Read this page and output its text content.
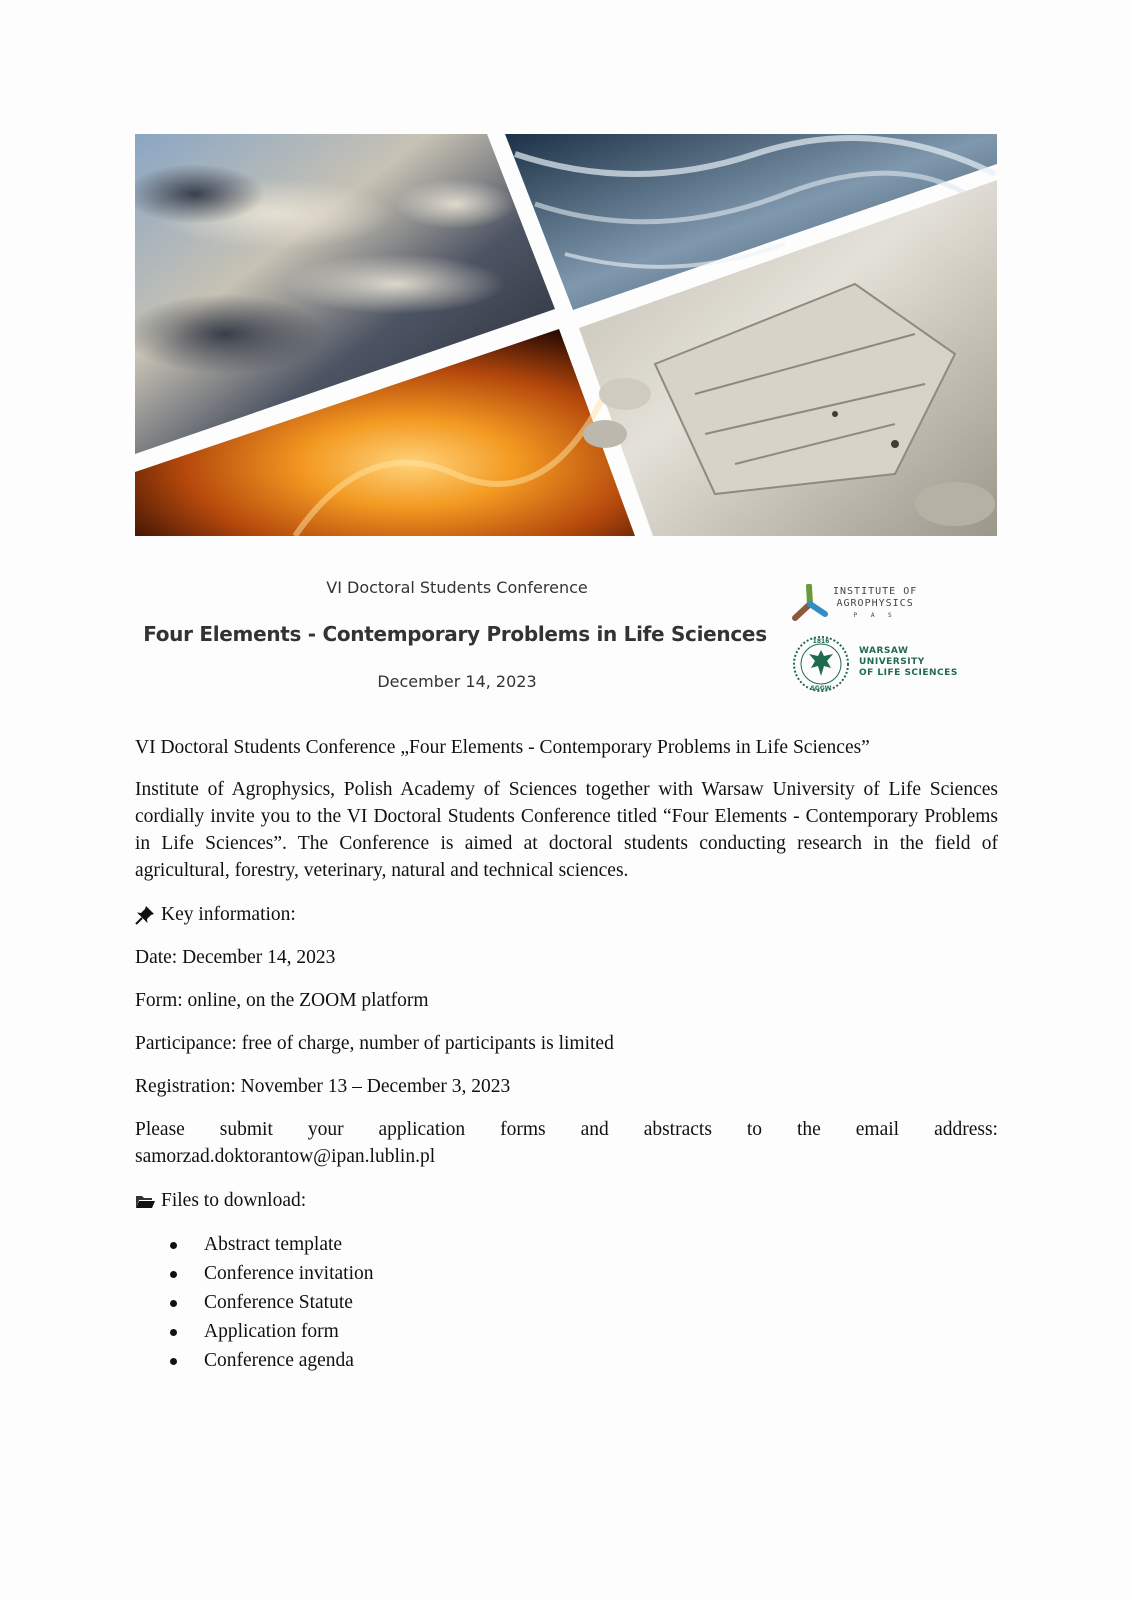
VI Doctoral Students Conference
Four Elements - Contemporary Problems in Life Sciences
December 14, 2023
INSTITUTE OF
AGROPHYSICS
P A S
1816
SGGW
WARSAW
UNIVERSITY
OF LIFE SCIENCES

VI Doctoral Students Conference „Four Elements - Contemporary Problems in Life Sciences”

Institute of Agrophysics, Polish Academy of Sciences together with Warsaw University of Life Sciences cordially invite you to the VI Doctoral Students Conference titled “Four Elements - Contemporary Problems in Life Sciences”. The Conference is aimed at doctoral students conducting research in the field of agricultural, forestry, veterinary, natural and technical sciences.

Key information:

Date: December 14, 2023

Form: online, on the ZOOM platform

Participance: free of charge, number of participants is limited

Registration: November 13 – December 3, 2023

Please submit your application forms and abstracts to the email address:
samorzad.doktorantow@ipan.lublin.pl

Files to download:

Abstract template
Conference invitation
Conference Statute
Application form
Conference agenda
